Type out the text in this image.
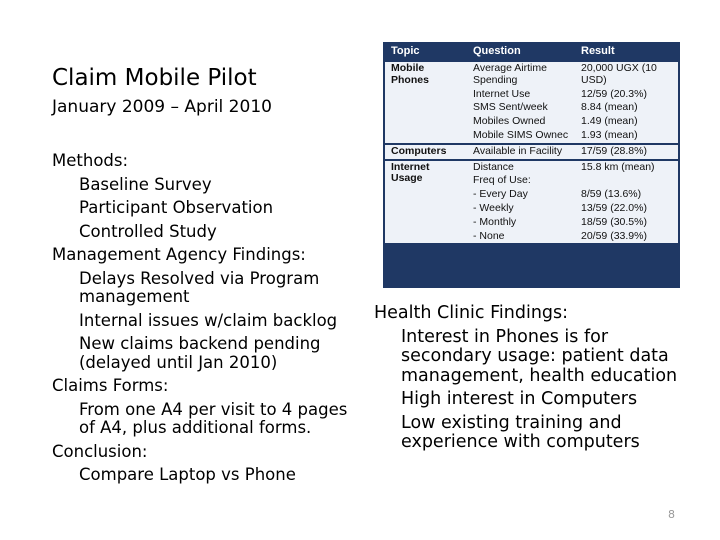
Claim Mobile Pilot
January 2009 – April 2010
Methods:
Baseline Survey
Participant Observation
Controlled Study
Management Agency Findings:
Delays Resolved via Program management
Internal issues w/claim backlog
New claims backend pending (delayed until Jan 2010)
Claims Forms:
From one A4 per visit to 4 pages of A4, plus additional forms.
Conclusion:
Compare Laptop vs Phone
Topic	Question	Result
Mobile Phones	Average Airtime Spending	20,000 UGX (10 USD)
	Internet Use	12/59 (20.3%)
	SMS Sent/week	8.84 (mean)
	Mobiles Owned	1.49 (mean)
	Mobile SIMS Ownec	1.93 (mean)
Computers	Available in Facility	17/59 (28.8%)
Internet Usage	Distance	15.8 km (mean)
	Freq of Use:	
	- Every Day	8/59 (13.6%)
	- Weekly	13/59 (22.0%)
	- Monthly	18/59 (30.5%)
	- None	20/59 (33.9%)
Health Clinic Findings:
Interest in Phones is for secondary usage: patient data management, health education
High interest in Computers
Low existing training and experience with computers
8
